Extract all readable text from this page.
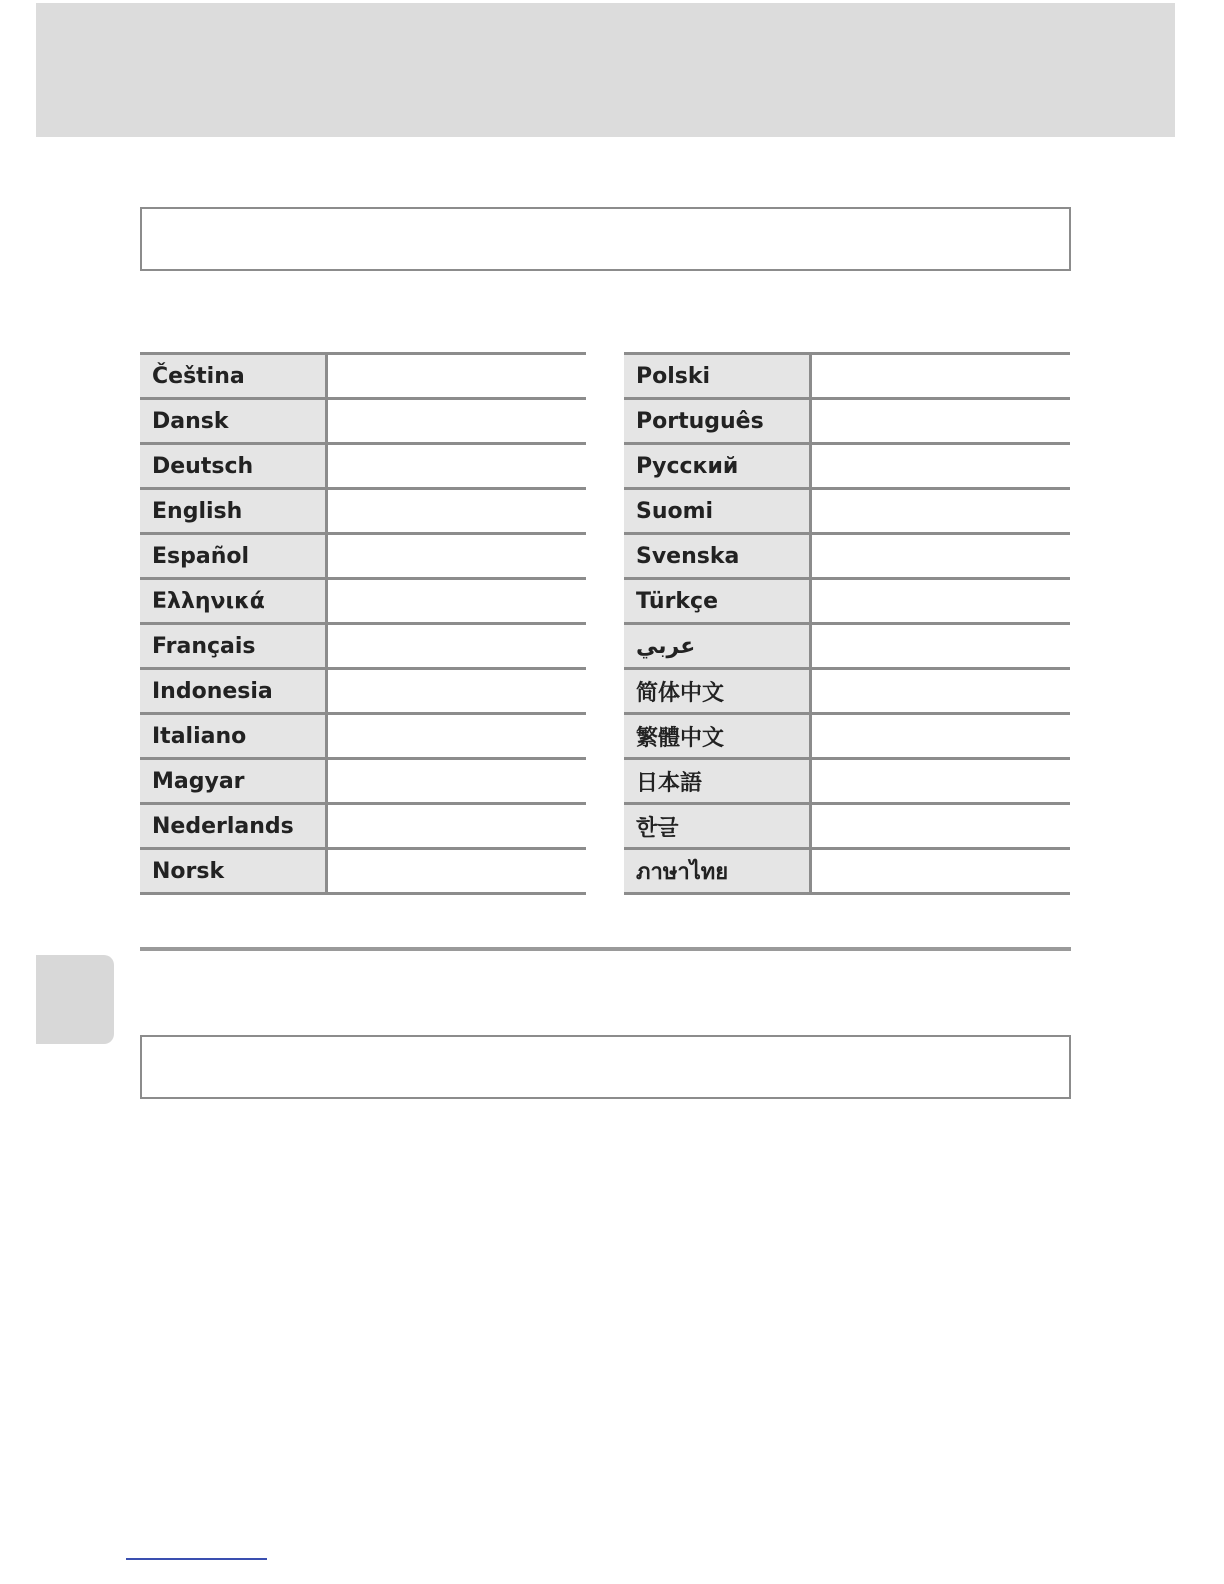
Čeština
Dansk
Deutsch
English
Español
Ελληνικά
Français
Indonesia
Italiano
Magyar
Nederlands
Norsk
Polski
Português
Русский
Suomi
Svenska
Türkçe
عربي
简体中文
繁體中文
日本語
한글
ภาษาไทย
